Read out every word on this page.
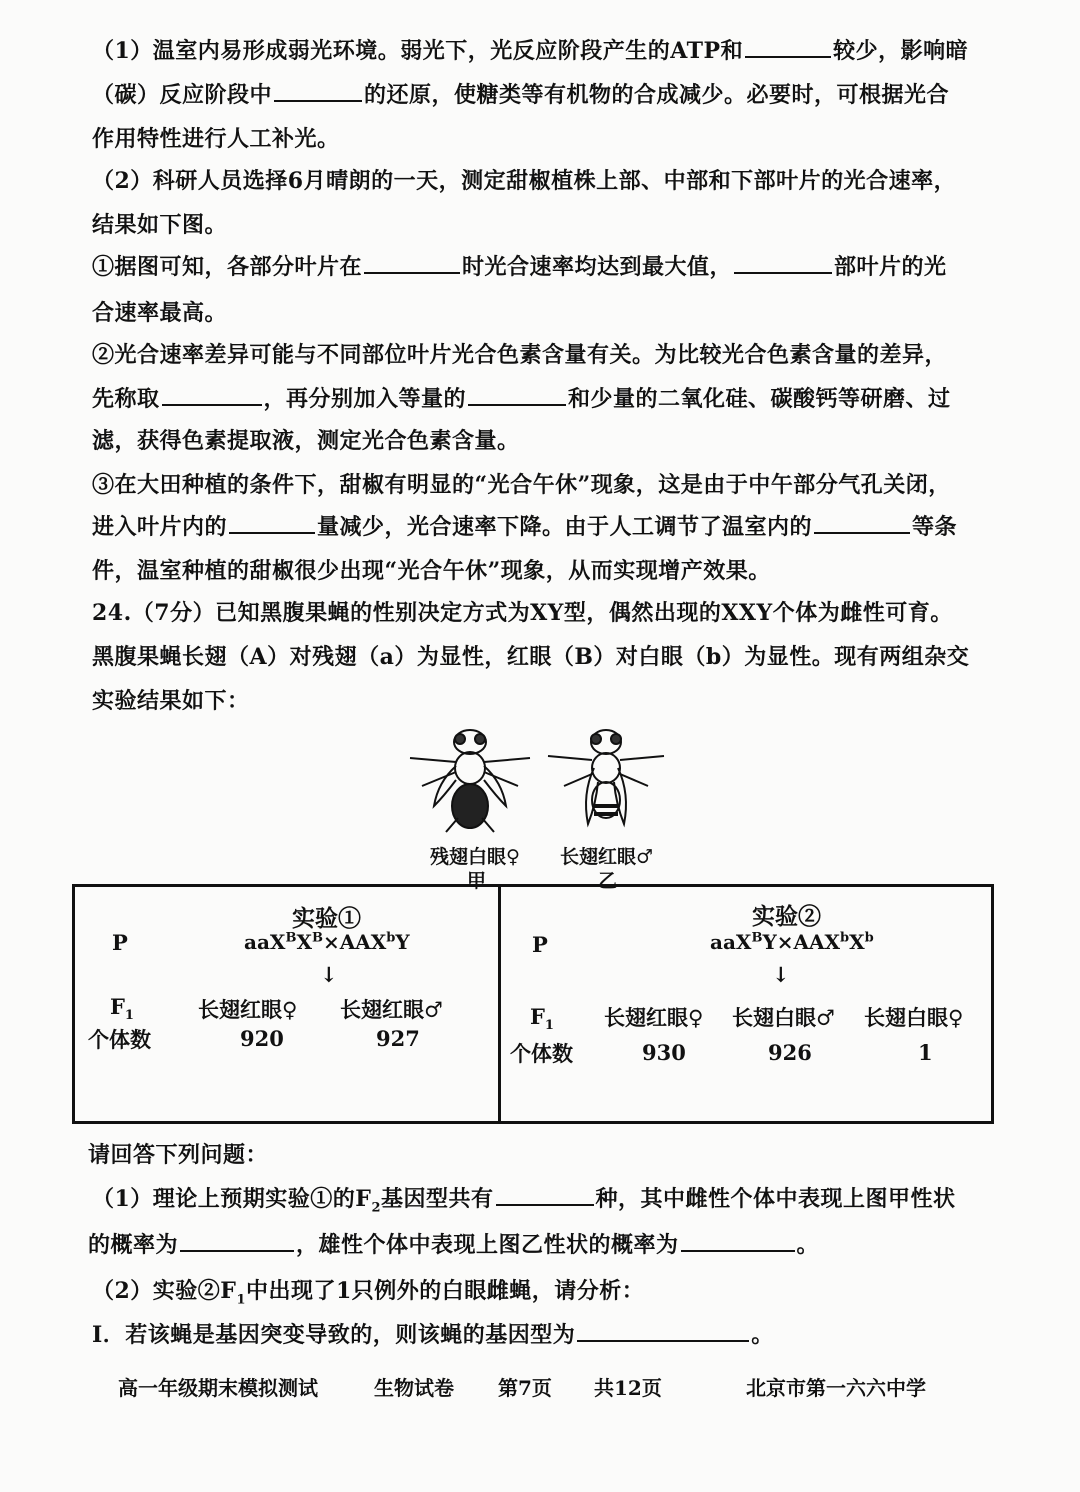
（1）温室内易形成弱光环境。弱光下，光反应阶段产生的ATP和	较少，影响暗
（碳）反应阶段中	的还原，使糖类等有机物的合成减少。必要时，可根据光合
作用特性进行人工补光。
（2）科研人员选择6月晴朗的一天，测定甜椒植株上部、中部和下部叶片的光合速率，
结果如下图。
①据图可知，各部分叶片在	时光合速率均达到最大值，	部叶片的光
合速率最高。
②光合速率差异可能与不同部位叶片光合色素含量有关。为比较光合色素含量的差异，
先称取	，再分别加入等量的	和少量的二氧化硅、碳酸钙等研磨、过
滤，获得色素提取液，测定光合色素含量。
③在大田种植的条件下，甜椒有明显的“光合午休”现象，这是由于中午部分气孔关闭，
进入叶片内的	量减少，光合速率下降。由于人工调节了温室内的	等条
件，温室种植的甜椒很少出现“光合午休”现象，从而实现增产效果。
24.（7分）已知黑腹果蝇的性别决定方式为XY型，偶然出现的XXY个体为雌性可育。
黑腹果蝇长翅（A）对残翅（a）为显性，红眼（B）对白眼（b）为显性。现有两组杂交
实验结果如下：
残翅白眼♀
甲
长翅红眼♂
乙
实验①
P	$aaX^BX^B\times AAX^bY$
↓
$F_1$
个体数
长翅红眼♀ 长翅红眼♂
920	927
实验②
P	$aaX^BY\times AAX^bX^b$
↓
$F_1$
个体数
长翅红眼♀ 长翅白眼♂ 长翅白眼♀
930	926	1
请回答下列问题：
（1）理论上预期实验①的$F_2$基因型共有	种，其中雌性个体中表现上图甲性状
的概率为	，雄性个体中表现上图乙性状的概率为	。
（2）实验$②F_1$中出现了1只例外的白眼雌蝇，请分析：
Ⅰ．若该蝇是基因突变导致的，则该蝇的基因型为	。
高一年级期末模拟测试	生物试卷 第7页 共12页	北京市第一六六中学
